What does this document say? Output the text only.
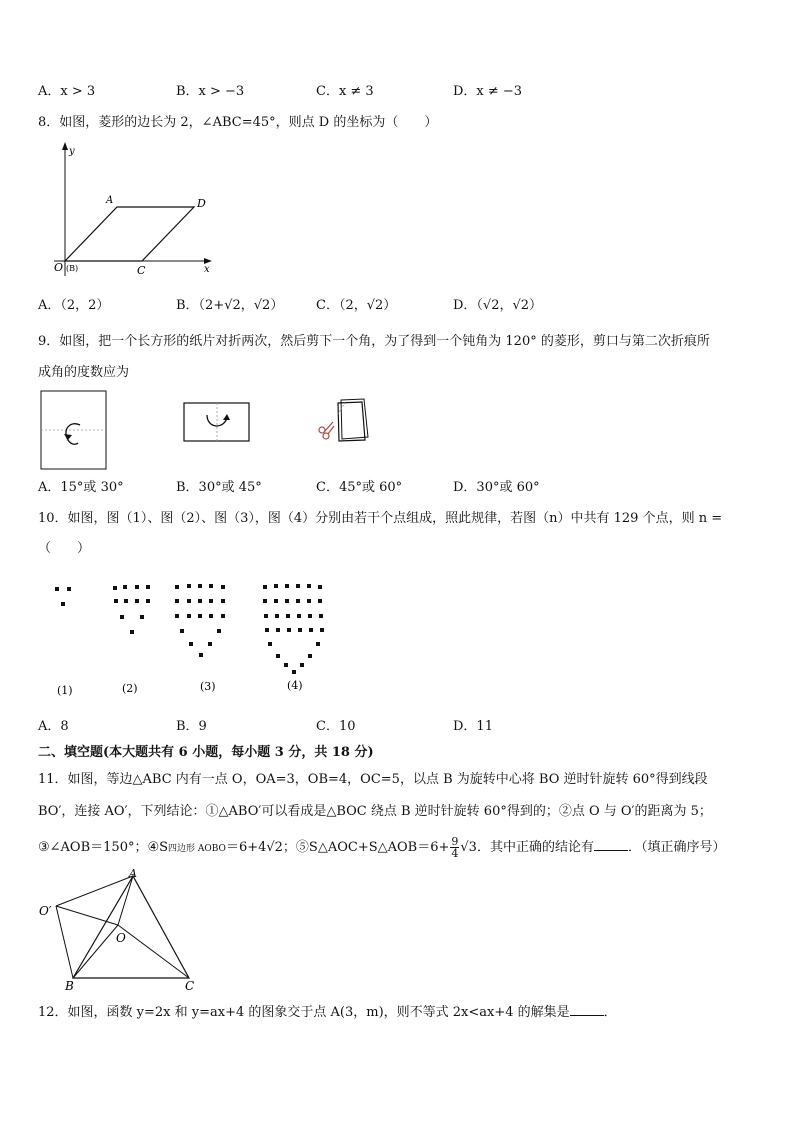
A．x > 3	B．x > −3	C．x ≠ 3	D．x ≠ −3
8．如图，菱形的边长为 2，∠ABC=45°，则点 D 的坐标为（　　）
y
x
A	D
O (B)	C
A．（2，2）	B．（2+√2，√2）	C．（2，√2）	D．（√2，√2）
9．如图，把一个长方形的纸片对折两次，然后剪下一个角，为了得到一个钝角为 120° 的菱形，剪口与第二次折痕所
成角的度数应为
A．15°或 30°	B．30°或 45°	C．45°或 60°	D．30°或 60°
10．如图，图（1）、图（2）、图（3），图（4）分别由若干个点组成，照此规律，若图（n）中共有 129 个点，则 n =
（　　）
(1)	(2)	(3)	(4)
A．8	B．9	C．10	D．11
二、填空题(本大题共有 6 小题，每小题 3 分，共 18 分)
11．如图，等边△ABC 内有一点 O，OA=3，OB=4，OC=5，以点 B 为旋转中心将 BO 逆时针旋转 60°得到线段
BO′，连接 AO′，下列结论：①△ABO′可以看成是△BOC 绕点 B 逆时针旋转 60°得到的；②点 O 与 O′的距离为 5；
③∠AOB＝150°；④S四边形 AOBO＝6+4√2；⑤S△AOC+S△AOB＝6+ $\frac{9}{4} √3$．其中正确的结论有	．（填正确序号）
A
O′
O
B	C
12．如图，函数 y=2x 和 y=ax+4 的图象交于点 A(3，m)，则不等式 2x<ax+4 的解集是	．
